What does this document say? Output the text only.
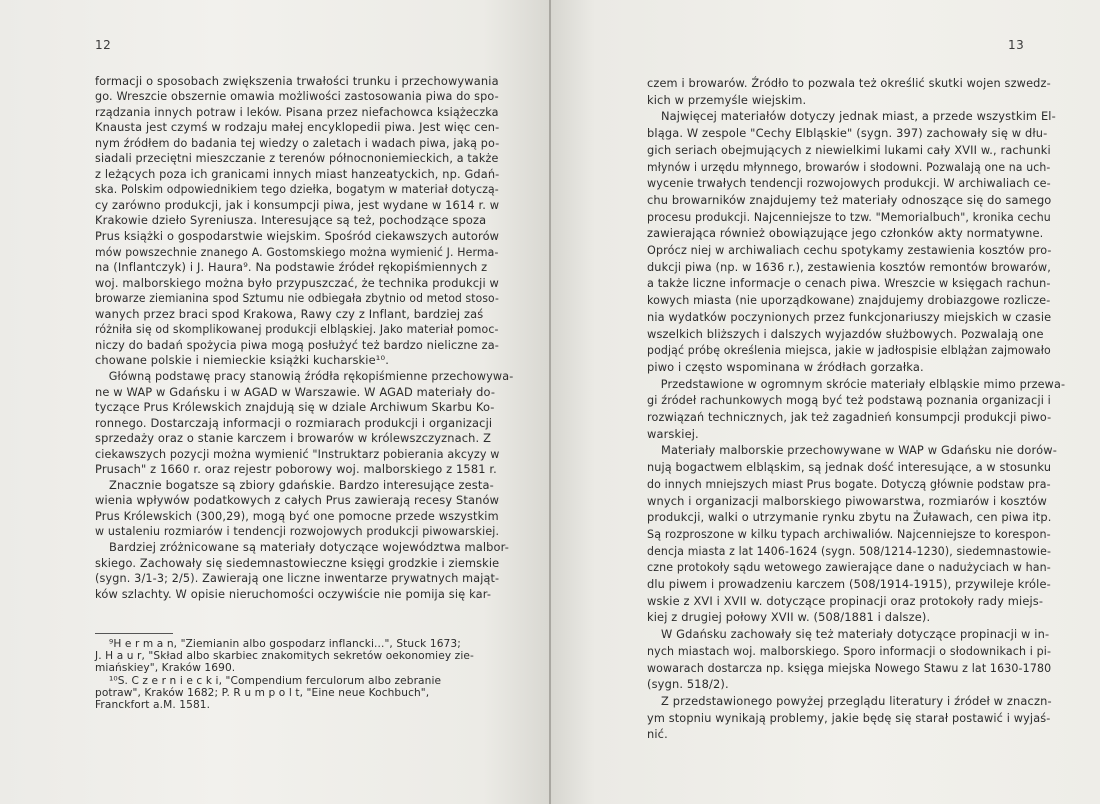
12
formacji o sposobach zwiększenia trwałości trunku i przechowywania
go. Wreszcie obszernie omawia możliwości zastosowania piwa do spo-
rządzania innych potraw i leków. Pisana przez niefachowca książeczka
Knausta jest czymś w rodzaju małej encyklopedii piwa. Jest więc cen-
nym źródłem do badania tej wiedzy o zaletach i wadach piwa, jaką po-
siadali przeciętni mieszczanie z terenów północnoniemieckich, a także
z leżących poza ich granicami innych miast hanzeatyckich, np. Gdań-
ska. Polskim odpowiednikiem tego dziełka, bogatym w materiał dotyczą-
cy zarówno produkcji, jak i konsumpcji piwa, jest wydane w 1614 r. w
Krakowie dzieło Syreniusza. Interesujące są też, pochodzące spoza
Prus książki o gospodarstwie wiejskim. Spośród ciekawszych autorów
mów powszechnie znanego A. Gostomskiego można wymienić J. Herma-
na (Inflantczyk) i J. Haura⁹. Na podstawie źródeł rękopiśmiennych z
woj. malborskiego można było przypuszczać, że technika produkcji w
browarze ziemianina spod Sztumu nie odbiegała zbytnio od metod stoso-
wanych przez braci spod Krakowa, Rawy czy z Inflant, bardziej zaś
różniła się od skomplikowanej produkcji elbląskiej. Jako materiał pomoc-
niczy do badań spożycia piwa mogą posłużyć też bardzo nieliczne za-
chowane polskie i niemieckie książki kucharskie¹⁰.
Główną podstawę pracy stanowią źródła rękopiśmienne przechowywa-
ne w WAP w Gdańsku i w AGAD w Warszawie. W AGAD materiały do-
tyczące Prus Królewskich znajdują się w dziale Archiwum Skarbu Ko-
ronnego. Dostarczają informacji o rozmiarach produkcji i organizacji
sprzedaży oraz o stanie karczem i browarów w królewszczyznach. Z
ciekawszych pozycji można wymienić "Instruktarz pobierania akcyzy w
Prusach" z 1660 r. oraz rejestr poborowy woj. malborskiego z 1581 r.
Znacznie bogatsze są zbiory gdańskie. Bardzo interesujące zesta-
wienia wpływów podatkowych z całych Prus zawierają recesy Stanów
Prus Królewskich (300,29), mogą być one pomocne przede wszystkim
w ustaleniu rozmiarów i tendencji rozwojowych produkcji piwowarskiej.
Bardziej zróżnicowane są materiały dotyczące województwa malbor-
skiego. Zachowały się siedemnastowieczne księgi grodzkie i ziemskie
(sygn. 3/1-3; 2/5). Zawierają one liczne inwentarze prywatnych mająt-
ków szlachty. W opisie nieruchomości oczywiście nie pomija się kar-
⁹H e r m a n, "Ziemianin albo gospodarz inflancki...", Stuck 1673;
J. H a u r, "Skład albo skarbiec znakomitych sekretów oekonomiey zie-
miańskiey", Kraków 1690.
¹⁰S. C z e r n i e c k i, "Compendium ferculorum albo zebranie
potraw", Kraków 1682; P. R u m p o l t, "Eine neue Kochbuch",
Franckfort a.M. 1581.
13
czem i browarów. Źródło to pozwala też określić skutki wojen szwedz-
kich w przemyśle wiejskim.
Najwięcej materiałów dotyczy jednak miast, a przede wszystkim El-
bląga. W zespole "Cechy Elbląskie" (sygn. 397) zachowały się w dłu-
gich seriach obejmujących z niewielkimi lukami cały XVII w., rachunki
młynów i urzędu młynnego, browarów i słodowni. Pozwalają one na uch-
wycenie trwałych tendencji rozwojowych produkcji. W archiwaliach ce-
chu browarników znajdujemy też materiały odnoszące się do samego
procesu produkcji. Najcenniejsze to tzw. "Memorialbuch", kronika cechu
zawierająca również obowiązujące jego członków akty normatywne.
Oprócz niej w archiwaliach cechu spotykamy zestawienia kosztów pro-
dukcji piwa (np. w 1636 r.), zestawienia kosztów remontów browarów,
a także liczne informacje o cenach piwa. Wreszcie w księgach rachun-
kowych miasta (nie uporządkowane) znajdujemy drobiazgowe rozlicze-
nia wydatków poczynionych przez funkcjonariuszy miejskich w czasie
wszelkich bliższych i dalszych wyjazdów służbowych. Pozwalają one
podjąć próbę określenia miejsca, jakie w jadłospisie elblążan zajmowało
piwo i często wspominana w źródłach gorzałka.
Przedstawione w ogromnym skrócie materiały elbląskie mimo przewa-
gi źródeł rachunkowych mogą być też podstawą poznania organizacji i
rozwiązań technicznych, jak też zagadnień konsumpcji produkcji piwo-
warskiej.
Materiały malborskie przechowywane w WAP w Gdańsku nie dorów-
nują bogactwem elbląskim, są jednak dość interesujące, a w stosunku
do innych mniejszych miast Prus bogate. Dotyczą głównie podstaw pra-
wnych i organizacji malborskiego piwowarstwa, rozmiarów i kosztów
produkcji, walki o utrzymanie rynku zbytu na Żuławach, cen piwa itp.
Są rozproszone w kilku typach archiwaliów. Najcenniejsze to korespon-
dencja miasta z lat 1406-1624 (sygn. 508/1214-1230), siedemnastowie-
czne protokoły sądu wetowego zawierające dane o nadużyciach w han-
dlu piwem i prowadzeniu karczem (508/1914-1915), przywileje króle-
wskie z XVI i XVII w. dotyczące propinacji oraz protokoły rady miejs-
kiej z drugiej połowy XVII w. (508/1881 i dalsze).
W Gdańsku zachowały się też materiały dotyczące propinacji w in-
nych miastach woj. malborskiego. Sporo informacji o słodownikach i pi-
wowarach dostarcza np. księga miejska Nowego Stawu z lat 1630-1780
(sygn. 518/2).
Z przedstawionego powyżej przeglądu literatury i źródeł w znaczn-
ym stopniu wynikają problemy, jakie będę się starał postawić i wyjaś-
nić.
